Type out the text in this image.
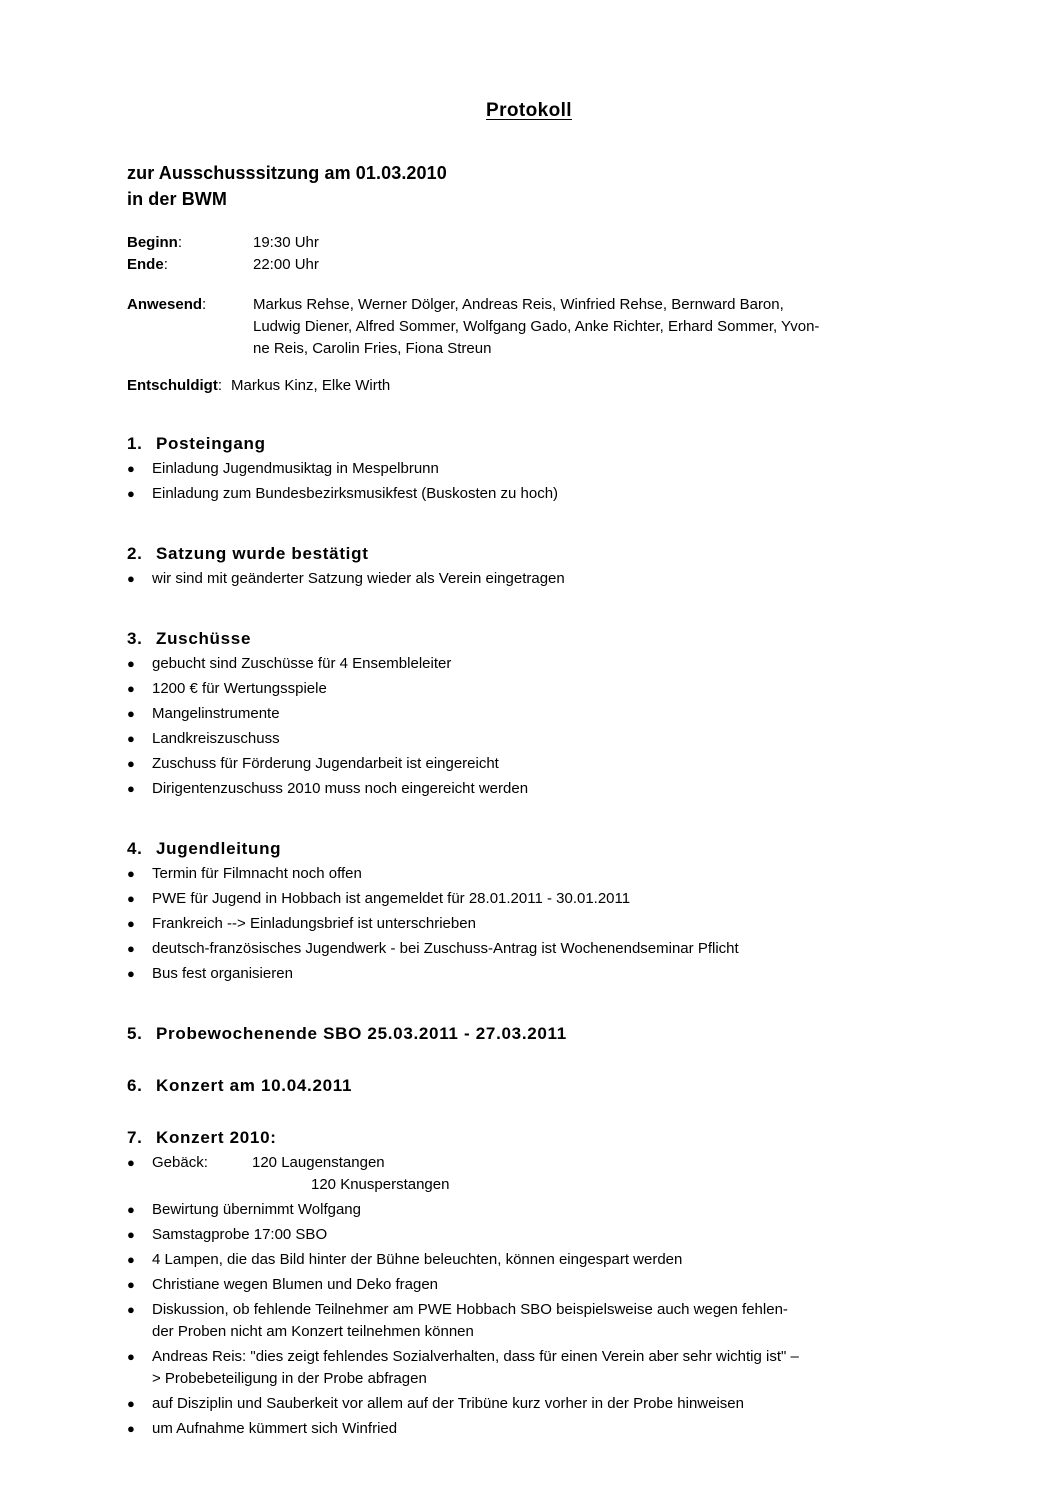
Protokoll
zur Ausschusssitzung am 01.03.2010
in der BWM
Beginn:	19:30 Uhr
Ende:	22:00 Uhr
Anwesend:	Markus Rehse, Werner Dölger, Andreas Reis, Winfried Rehse, Bernward Baron,
Ludwig Diener, Alfred Sommer, Wolfgang Gado, Anke Richter, Erhard Sommer, Yvon-
ne Reis, Carolin Fries, Fiona Streun
Entschuldigt: Markus Kinz, Elke Wirth
1. Posteingang
●	Einladung Jugendmusiktag in Mespelbrunn
●	Einladung zum Bundesbezirksmusikfest (Buskosten zu hoch)
2. Satzung wurde bestätigt
●	wir sind mit geänderter Satzung wieder als Verein eingetragen
3. Zuschüsse
●	gebucht sind Zuschüsse für 4 Ensembleleiter
●	1200 € für Wertungsspiele
●	Mangelinstrumente
●	Landkreiszuschuss
●	Zuschuss für Förderung Jugendarbeit ist eingereicht
●	Dirigentenzuschuss 2010 muss noch eingereicht werden
4. Jugendleitung
●	Termin für Filmnacht noch offen
●	PWE für Jugend in Hobbach ist angemeldet für 28.01.2011 - 30.01.2011
●	Frankreich --> Einladungsbrief ist unterschrieben
●	deutsch-französisches Jugendwerk - bei Zuschuss-Antrag ist Wochenendseminar Pflicht
●	Bus fest organisieren
5. Probewochenende SBO 25.03.2011 - 27.03.2011
6. Konzert am 10.04.2011
7. Konzert 2010:
●	Gebäck:	120 Laugenstangen
120 Knusperstangen
●	Bewirtung übernimmt Wolfgang
●	Samstagprobe 17:00 SBO
●	4 Lampen, die das Bild hinter der Bühne beleuchten, können eingespart werden
●	Christiane wegen Blumen und Deko fragen
●	Diskussion, ob fehlende Teilnehmer am PWE Hobbach SBO beispielsweise auch wegen fehlen-
der Proben nicht am Konzert teilnehmen können
●	Andreas Reis: "dies zeigt fehlendes Sozialverhalten, dass für einen Verein aber sehr wichtig ist" –
> Probebeteiligung in der Probe abfragen
●	auf Disziplin und Sauberkeit vor allem auf der Tribüne kurz vorher in der Probe hinweisen
●	um Aufnahme kümmert sich Winfried
